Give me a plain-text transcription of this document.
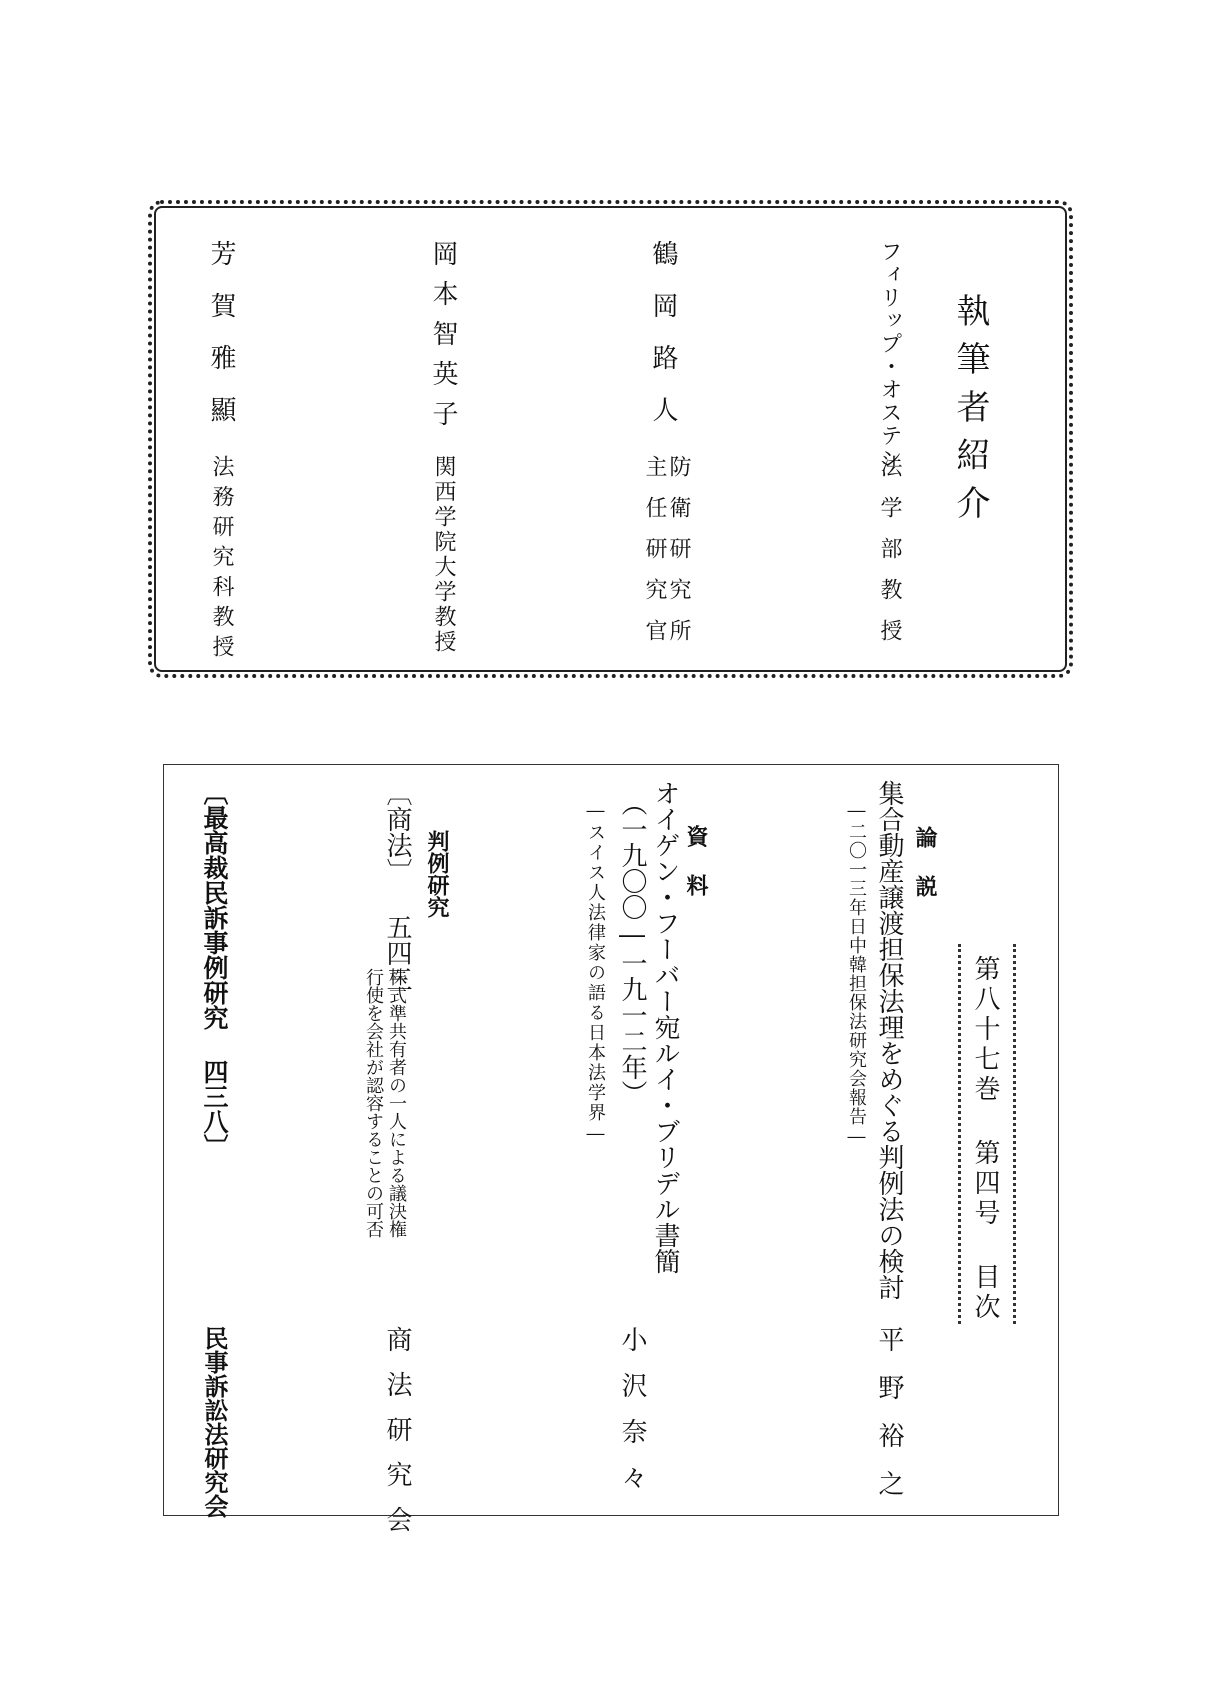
執筆者紹介
フィリップ・オステン
法学部教授
鶴岡路人
防衛研究所
主任研究官
岡本智英子
関西学院大学教授
芳賀雅顯
法務研究科教授
第八十七巻 第四号 目次
論 説
集合動産譲渡担保法理をめぐる判例法の検討
―二〇一三年日中韓担保法研究会報告―
平野裕之
資 料
オイゲン・フーバー宛ルイ・ブリデル書簡
（一九〇〇―一九一二年）
―スイス人法律家の語る日本法学界―
小沢奈々
判例研究
〔商法〕 五四三
株式準共有者の一人による議決権
行使を会社が認容することの可否
商法研究会
〔最高裁民訴事例研究 四三八〕
民事訴訟法研究会
